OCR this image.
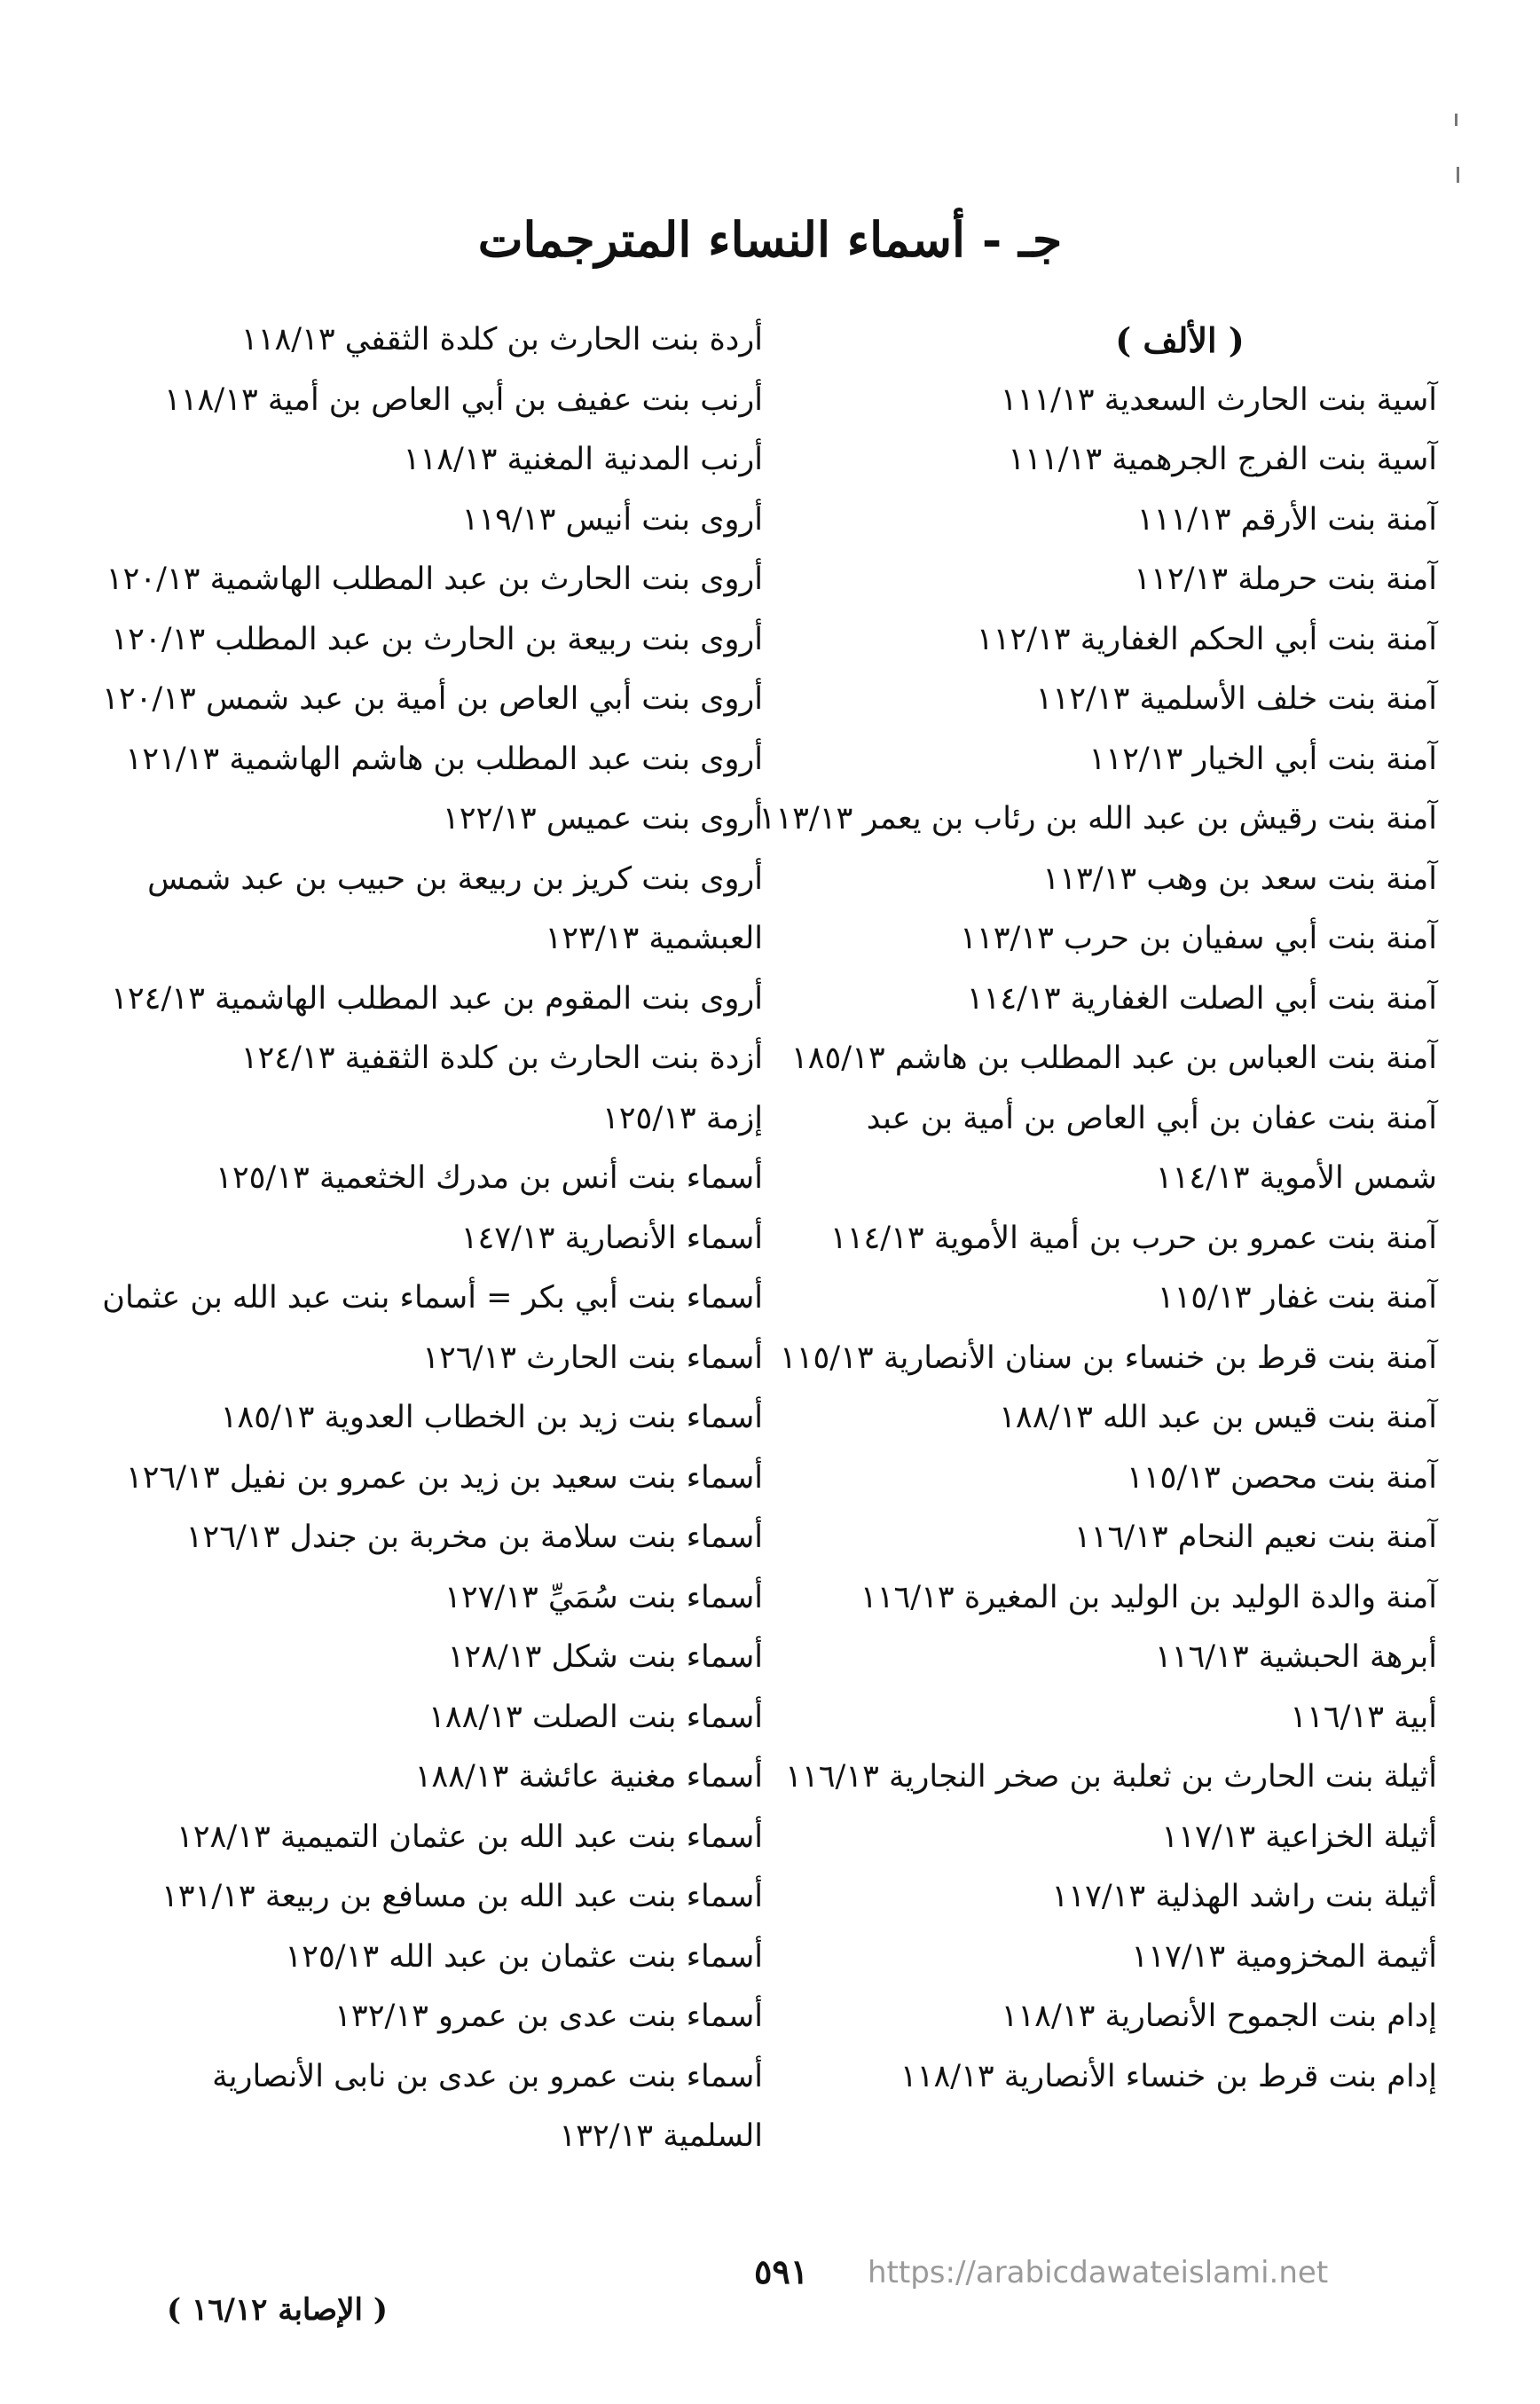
جـ - أسماء النساء المترجمات

( الألف )

آسية بنت الحارث السعدية ١١١/١٣

آسية بنت الفرج الجرهمية ١١١/١٣

آمنة بنت الأرقم ١١١/١٣

آمنة بنت حرملة ١١٢/١٣

آمنة بنت أبي الحكم الغفارية ١١٢/١٣

آمنة بنت خلف الأسلمية ١١٢/١٣

آمنة بنت أبي الخيار ١١٢/١٣

آمنة بنت رقيش بن عبد الله بن رئاب بن يعمر ١١٣/١٣

آمنة بنت سعد بن وهب ١١٣/١٣

آمنة بنت أبي سفيان بن حرب ١١٣/١٣

آمنة بنت أبي الصلت الغفارية ١١٤/١٣

آمنة بنت العباس بن عبد المطلب بن هاشم ١٨٥/١٣

آمنة بنت عفان بن أبي العاص بن أمية بن عبد شمس الأموية ١١٤/١٣

آمنة بنت عمرو بن حرب بن أمية الأموية ١١٤/١٣

آمنة بنت غفار ١١٥/١٣

آمنة بنت قرط بن خنساء بن سنان الأنصارية ١١٥/١٣

آمنة بنت قيس بن عبد الله ١٨٨/١٣

آمنة بنت محصن ١١٥/١٣

آمنة بنت نعيم النحام ١١٦/١٣

آمنة والدة الوليد بن الوليد بن المغيرة ١١٦/١٣

أبرهة الحبشية ١١٦/١٣

أبية ١١٦/١٣

أثيلة بنت الحارث بن ثعلبة بن صخر النجارية ١١٦/١٣

أثيلة الخزاعية ١١٧/١٣

أثيلة بنت راشد الهذلية ١١٧/١٣

أثيمة المخزومية ١١٧/١٣

إدام بنت الجموح الأنصارية ١١٨/١٣

إدام بنت قرط بن خنساء الأنصارية ١١٨/١٣

أردة بنت الحارث بن كلدة الثقفي ١١٨/١٣

أرنب بنت عفيف بن أبي العاص بن أمية ١١٨/١٣

أرنب المدنية المغنية ١١٨/١٣

أروى بنت أنيس ١١٩/١٣

أروى بنت الحارث بن عبد المطلب الهاشمية ١٢٠/١٣

أروى بنت ربيعة بن الحارث بن عبد المطلب ١٢٠/١٣

أروى بنت أبي العاص بن أمية بن عبد شمس ١٢٠/١٣

أروى بنت عبد المطلب بن هاشم الهاشمية ١٢١/١٣

أروى بنت عميس ١٢٢/١٣

أروى بنت كريز بن ربيعة بن حبيب بن عبد شمس العبشمية ١٢٣/١٣

أروى بنت المقوم بن عبد المطلب الهاشمية ١٢٤/١٣

أزدة بنت الحارث بن كلدة الثقفية ١٢٤/١٣

إزمة ١٢٥/١٣

أسماء بنت أنس بن مدرك الخثعمية ١٢٥/١٣

أسماء الأنصارية ١٤٧/١٣

أسماء بنت أبي بكر = أسماء بنت عبد الله بن عثمان

أسماء بنت الحارث ١٢٦/١٣

أسماء بنت زيد بن الخطاب العدوية ١٨٥/١٣

أسماء بنت سعيد بن زيد بن عمرو بن نفيل ١٢٦/١٣

أسماء بنت سلامة بن مخربة بن جندل ١٢٦/١٣

أسماء بنت سُمَيِّ ١٢٧/١٣

أسماء بنت شكل ١٢٨/١٣

أسماء بنت الصلت ١٨٨/١٣

أسماء مغنية عائشة ١٨٨/١٣

أسماء بنت عبد الله بن عثمان التميمية ١٢٨/١٣

أسماء بنت عبد الله بن مسافع بن ربيعة ١٣١/١٣

أسماء بنت عثمان بن عبد الله ١٢٥/١٣

أسماء بنت عدى بن عمرو ١٣٢/١٣

أسماء بنت عمرو بن عدى بن نابى الأنصارية السلمية ١٣٢/١٣

٥٩١ https://arabicdawateislami.net
( الإصابة ١٦/١٢ )
